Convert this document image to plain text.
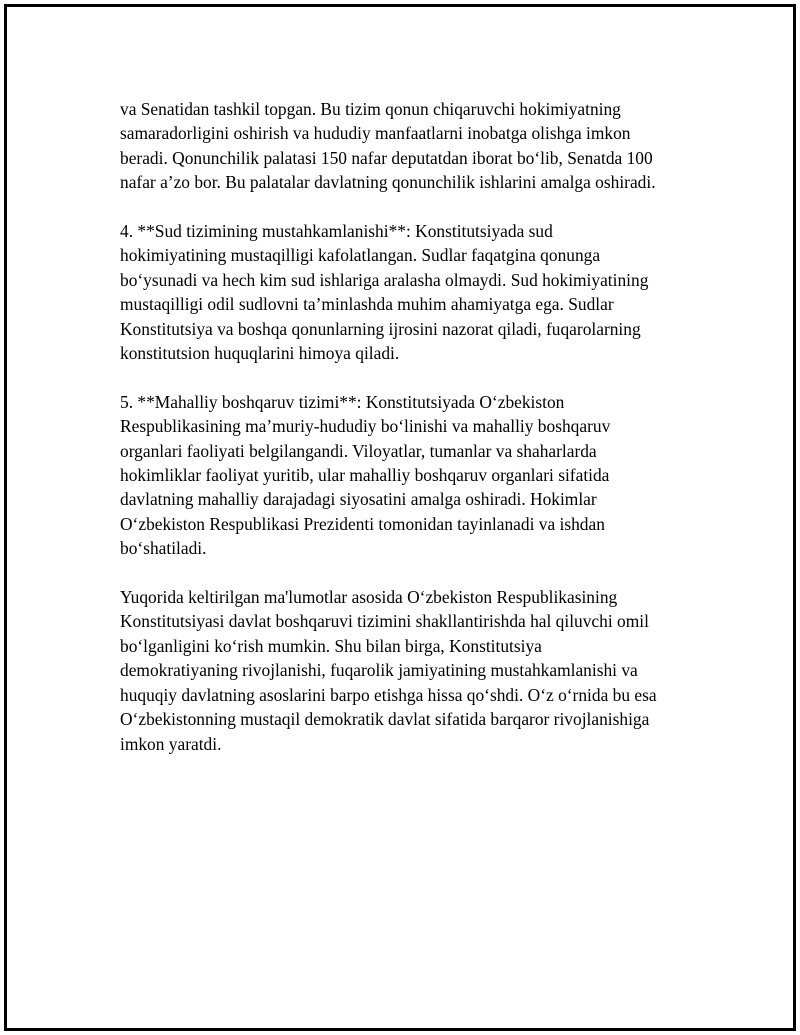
va Senatidan tashkil topgan. Bu tizim qonun chiqaruvchi hokimiyatning
samaradorligini oshirish va hududiy manfaatlarni inobatga olishga imkon
beradi. Qonunchilik palatasi 150 nafar deputatdan iborat boʻlib, Senatda 100
nafar a’zo bor. Bu palatalar davlatning qonunchilik ishlarini amalga oshiradi.

4. **Sud tizimining mustahkamlanishi**: Konstitutsiyada sud
hokimiyatining mustaqilligi kafolatlangan. Sudlar faqatgina qonunga
boʻysunadi va hech kim sud ishlariga aralasha olmaydi. Sud hokimiyatining
mustaqilligi odil sudlovni ta’minlashda muhim ahamiyatga ega. Sudlar
Konstitutsiya va boshqa qonunlarning ijrosini nazorat qiladi, fuqarolarning
konstitutsion huquqlarini himoya qiladi.

5. **Mahalliy boshqaruv tizimi**: Konstitutsiyada Oʻzbekiston
Respublikasining ma’muriy-hududiy boʻlinishi va mahalliy boshqaruv
organlari faoliyati belgilangandi. Viloyatlar, tumanlar va shaharlarda
hokimliklar faoliyat yuritib, ular mahalliy boshqaruv organlari sifatida
davlatning mahalliy darajadagi siyosatini amalga oshiradi. Hokimlar
Oʻzbekiston Respublikasi Prezidenti tomonidan tayinlanadi va ishdan
boʻshatiladi.

Yuqorida keltirilgan ma'lumotlar asosida Oʻzbekiston Respublikasining
Konstitutsiyasi davlat boshqaruvi tizimini shakllantirishda hal qiluvchi omil
boʻlganligini koʻrish mumkin. Shu bilan birga, Konstitutsiya
demokratiyaning rivojlanishi, fuqarolik jamiyatining mustahkamlanishi va
huquqiy davlatning asoslarini barpo etishga hissa qoʻshdi. Oʻz oʻrnida bu esa
Oʻzbekistonning mustaqil demokratik davlat sifatida barqaror rivojlanishiga
imkon yaratdi.
